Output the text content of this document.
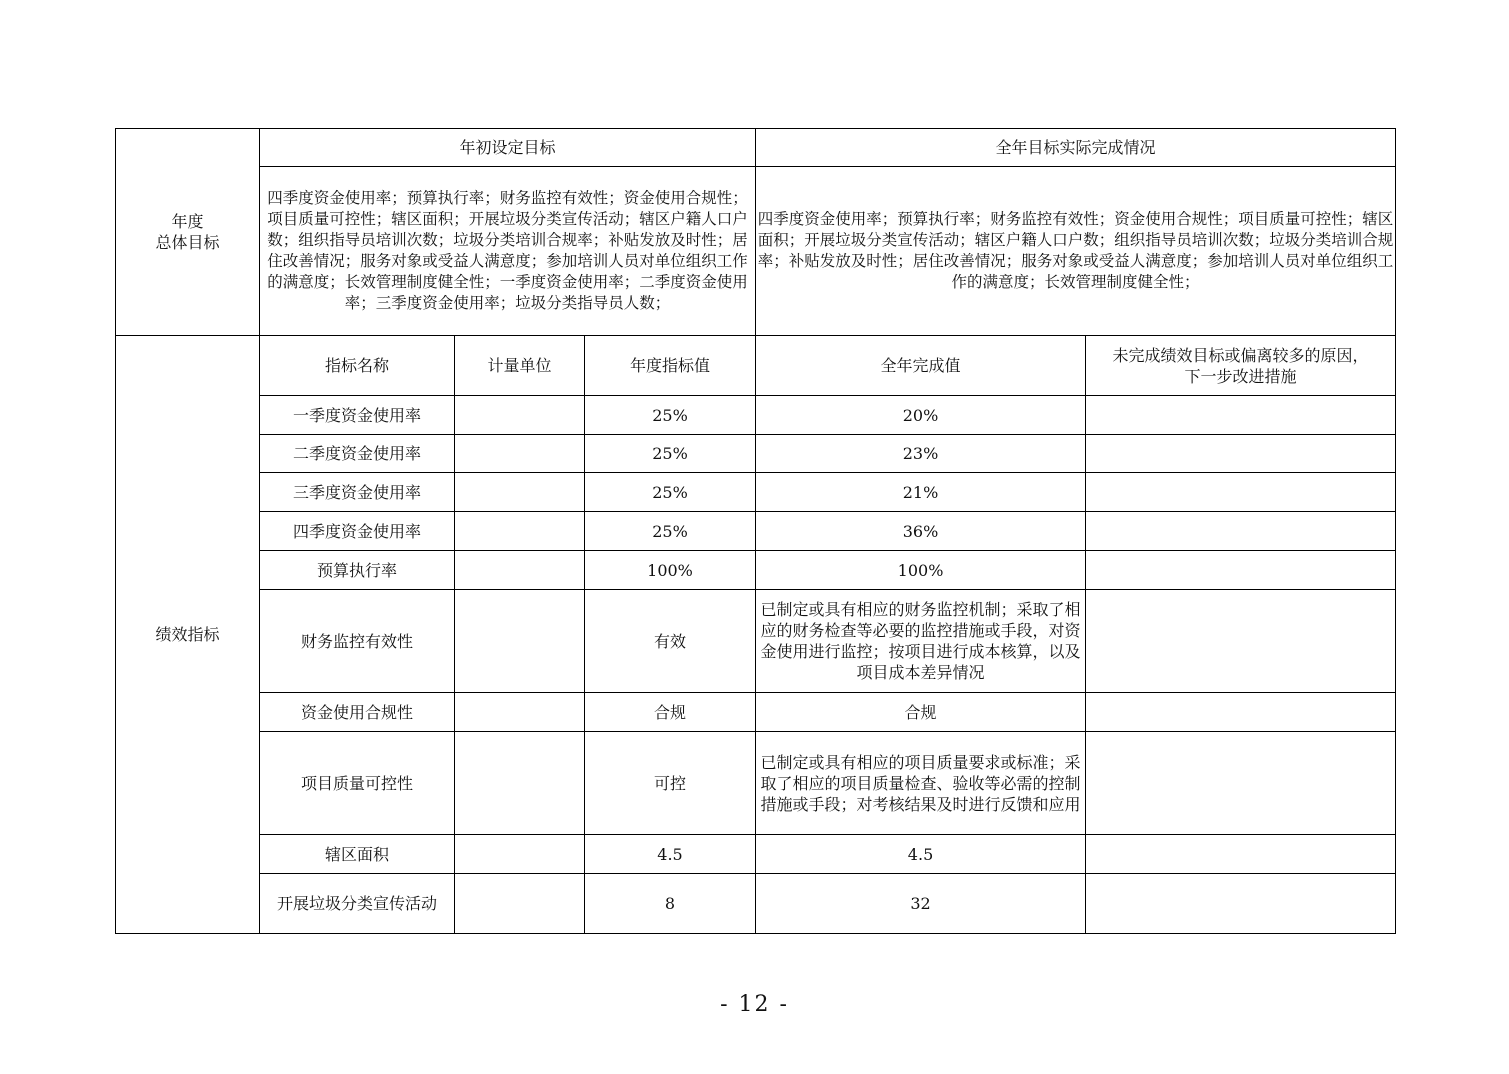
年度
总体目标	年初设定目标			全年目标实际完成情况	
	四季度资金使用率；预算执行率；财务监控有效性；资金使用合规性；项目质量可控性；辖区面积；开展垃圾分类宣传活动；辖区户籍人口户数；组织指导员培训次数；垃圾分类培训合规率；补贴发放及时性；居住改善情况；服务对象或受益人满意度；参加培训人员对单位组织工作的满意度；长效管理制度健全性；一季度资金使用率；二季度资金使用率；三季度资金使用率；垃圾分类指导员人数；			四季度资金使用率；预算执行率；财务监控有效性；资金使用合规性；项目质量可控性；辖区面积；开展垃圾分类宣传活动；辖区户籍人口户数；组织指导员培训次数；垃圾分类培训合规率；补贴发放及时性；居住改善情况；服务对象或受益人满意度；参加培训人员对单位组织工作的满意度；长效管理制度健全性；	
绩效指标	指标名称	计量单位	年度指标值	全年完成值	未完成绩效目标或偏离较多的原因，
下一步改进措施
	一季度资金使用率		25%	20%	
	二季度资金使用率		25%	23%	
	三季度资金使用率		25%	21%	
	四季度资金使用率		25%	36%	
	预算执行率		100%	100%	
	财务监控有效性		有效	已制定或具有相应的财务监控机制；采取了相应的财务检查等必要的监控措施或手段，对资金使用进行监控；按项目进行成本核算，以及项目成本差异情况	
	资金使用合规性		合规	合规	
	项目质量可控性		可控	已制定或具有相应的项目质量要求或标准；采取了相应的项目质量检查、验收等必需的控制措施或手段；对考核结果及时进行反馈和应用	
	辖区面积		4.5	4.5	
	开展垃圾分类宣传活动		8	32	
- 12 -
